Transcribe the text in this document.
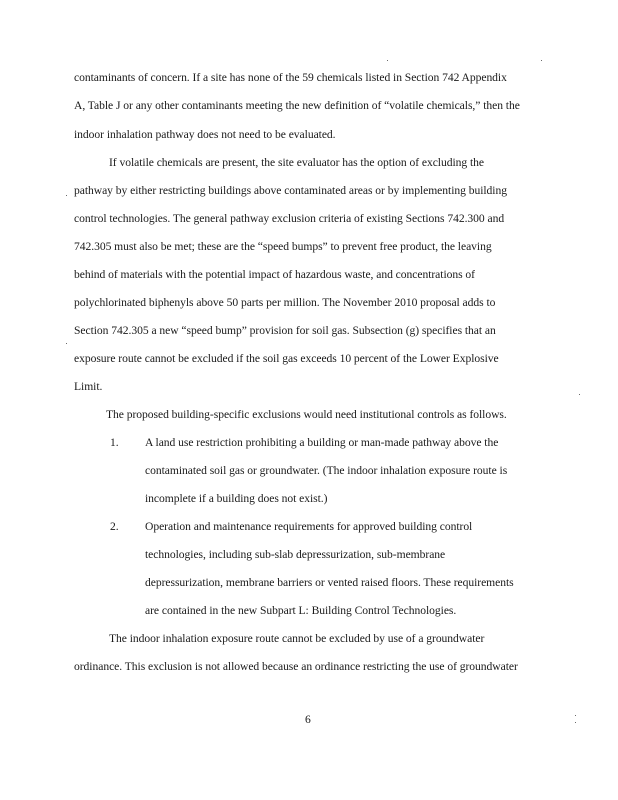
contaminants of concern. If a site has none of the 59 chemicals listed in Section 742 Appendix
A, Table J or any other contaminants meeting the new definition of “volatile chemicals,” then the
indoor inhalation pathway does not need to be evaluated.
If volatile chemicals are present, the site evaluator has the option of excluding the
pathway by either restricting buildings above contaminated areas or by implementing building
control technologies. The general pathway exclusion criteria of existing Sections 742.300 and
742.305 must also be met; these are the “speed bumps” to prevent free product, the leaving
behind of materials with the potential impact of hazardous waste, and concentrations of
polychlorinated biphenyls above 50 parts per million. The November 2010 proposal adds to
Section 742.305 a new “speed bump” provision for soil gas. Subsection (g) specifies that an
exposure route cannot be excluded if the soil gas exceeds 10 percent of the Lower Explosive
Limit.
The proposed building-specific exclusions would need institutional controls as follows.
1. A land use restriction prohibiting a building or man-made pathway above the
contaminated soil gas or groundwater. (The indoor inhalation exposure route is
incomplete if a building does not exist.)
2. Operation and maintenance requirements for approved building control
technologies, including sub-slab depressurization, sub-membrane
depressurization, membrane barriers or vented raised floors. These requirements
are contained in the new Subpart L: Building Control Technologies.
The indoor inhalation exposure route cannot be excluded by use of a groundwater
ordinance. This exclusion is not allowed because an ordinance restricting the use of groundwater
6
